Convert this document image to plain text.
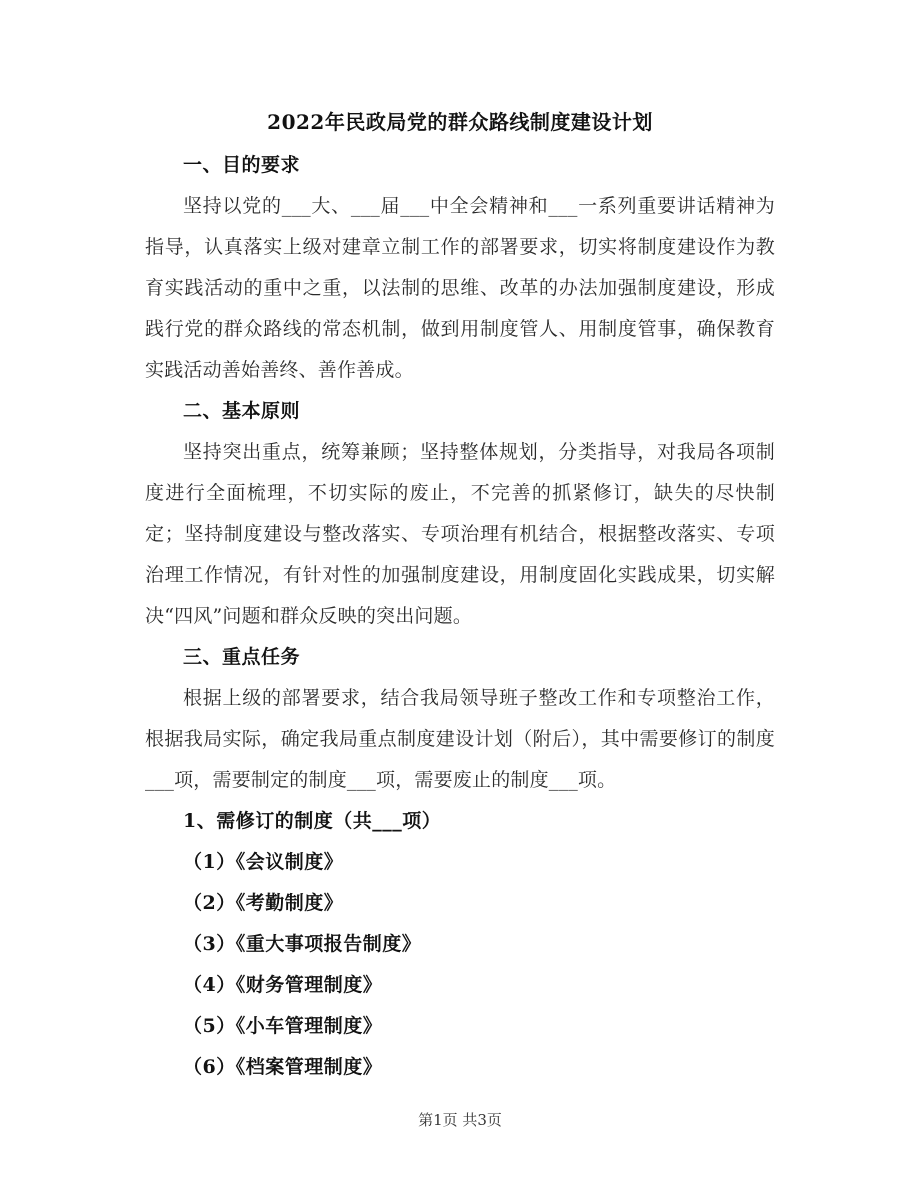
2022年民政局党的群众路线制度建设计划
一、目的要求

坚持以党的___大、___届___中全会精神和___一系列重要讲话精神为指导，认真落实上级对建章立制工作的部署要求，切实将制度建设作为教育实践活动的重中之重，以法制的思维、改革的办法加强制度建设，形成践行党的群众路线的常态机制，做到用制度管人、用制度管事，确保教育实践活动善始善终、善作善成。

二、基本原则

坚持突出重点，统筹兼顾；坚持整体规划，分类指导，对我局各项制度进行全面梳理，不切实际的废止，不完善的抓紧修订，缺失的尽快制定；坚持制度建设与整改落实、专项治理有机结合，根据整改落实、专项治理工作情况，有针对性的加强制度建设，用制度固化实践成果，切实解决“四风”问题和群众反映的突出问题。

三、重点任务

根据上级的部署要求，结合我局领导班子整改工作和专项整治工作，根据我局实际，确定我局重点制度建设计划（附后），其中需要修订的制度___项，需要制定的制度___项，需要废止的制度___项。

1、需修订的制度（共___项）

（1）《会议制度》

（2）《考勤制度》

（3）《重大事项报告制度》

（4）《财务管理制度》

（5）《小车管理制度》

（6）《档案管理制度》

第1页 共3页
